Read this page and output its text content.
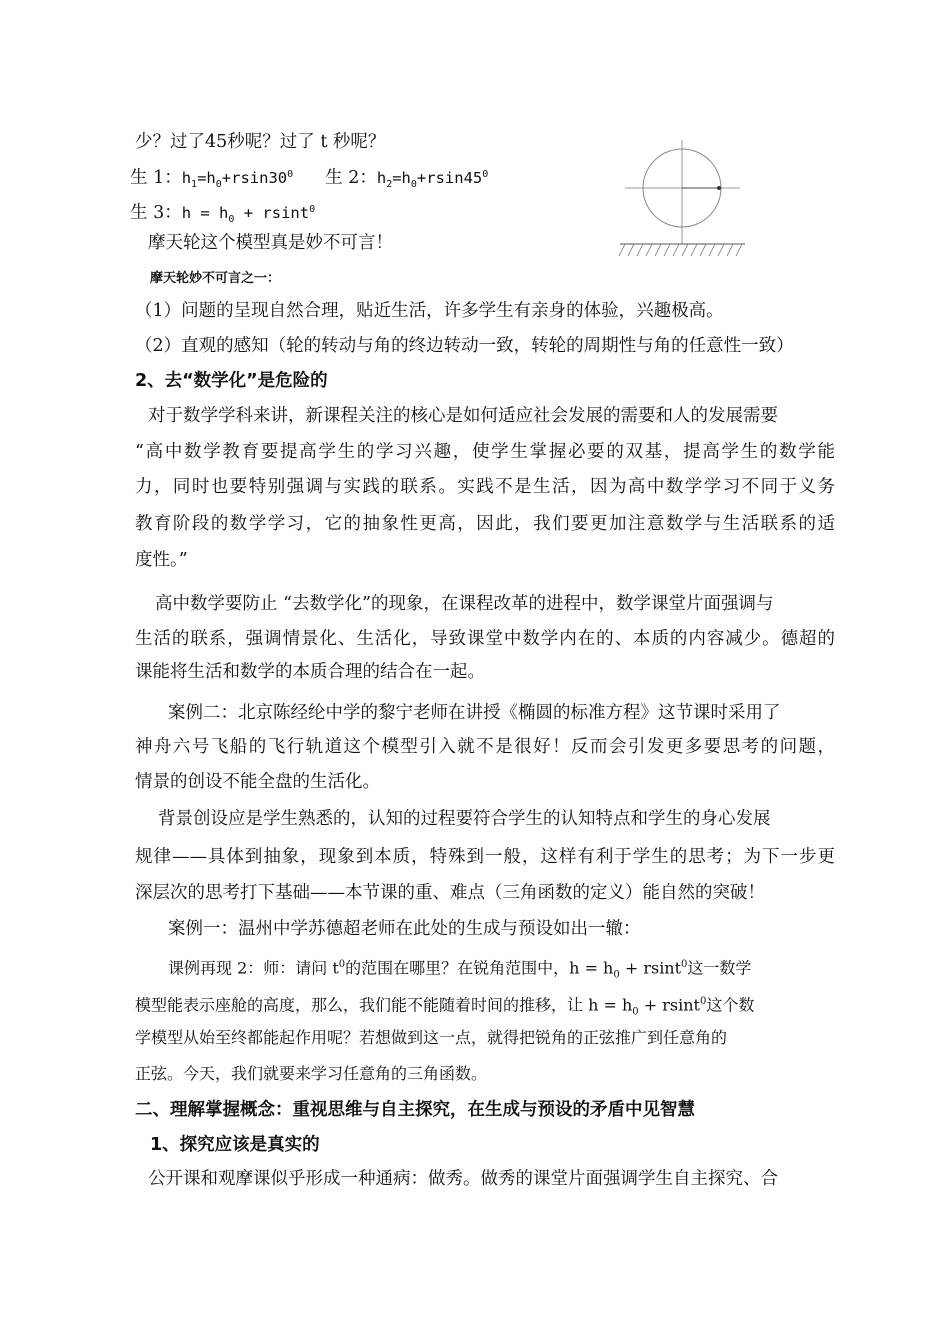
少？过了45秒呢？过了 t 秒呢？
生 1：$h_1=h_0+rsin30^0$ 生 2：$h_2=h_0+rsin45^0$
生 3：$h = h_0 + rsint^0$
摩天轮这个模型真是妙不可言！
摩天轮妙不可言之一：
（1）问题的呈现自然合理，贴近生活，许多学生有亲身的体验，兴趣极高。
（2）直观的感知（轮的转动与角的终边转动一致，转轮的周期性与角的任意性一致）
2、去“数学化”是危险的
对于数学学科来讲，新课程关注的核心是如何适应社会发展的需要和人的发展需要
“高中数学教育要提高学生的学习兴趣，使学生掌握必要的双基，提高学生的数学能
力，同时也要特别强调与实践的联系。实践不是生活，因为高中数学学习不同于义务
教育阶段的数学学习，它的抽象性更高，因此，我们要更加注意数学与生活联系的适
度性。”
高中数学要防止 “去数学化”的现象，在课程改革的进程中，数学课堂片面强调与
生活的联系，强调情景化、生活化，导致课堂中数学内在的、本质的内容减少。德超的
课能将生活和数学的本质合理的结合在一起。
案例二：北京陈经纶中学的黎宁老师在讲授《椭圆的标准方程》这节课时采用了
神舟六号飞船的飞行轨道这个模型引入就不是很好！反而会引发更多要思考的问题，
情景的创设不能全盘的生活化。
背景创设应是学生熟悉的，认知的过程要符合学生的认知特点和学生的身心发展
规律——具体到抽象，现象到本质，特殊到一般，这样有利于学生的思考；为下一步更
深层次的思考打下基础——本节课的重、难点（三角函数的定义）能自然的突破！
案例一：温州中学苏德超老师在此处的生成与预设如出一辙：
课例再现 2：师：请问 $t^0$的范围在哪里？在锐角范围中，$h = h_0 + rsint^0$这一数学
模型能表示座舱的高度，那么，我们能不能随着时间的推移，让 $h = h_0 + rsint^0$这个数
学模型从始至终都能起作用呢？若想做到这一点，就得把锐角的正弦推广到任意角的
正弦。今天，我们就要来学习任意角的三角函数。
二、理解掌握概念：重视思维与自主探究，在生成与预设的矛盾中见智慧
1、探究应该是真实的
公开课和观摩课似乎形成一种通病：做秀。做秀的课堂片面强调学生自主探究、合
